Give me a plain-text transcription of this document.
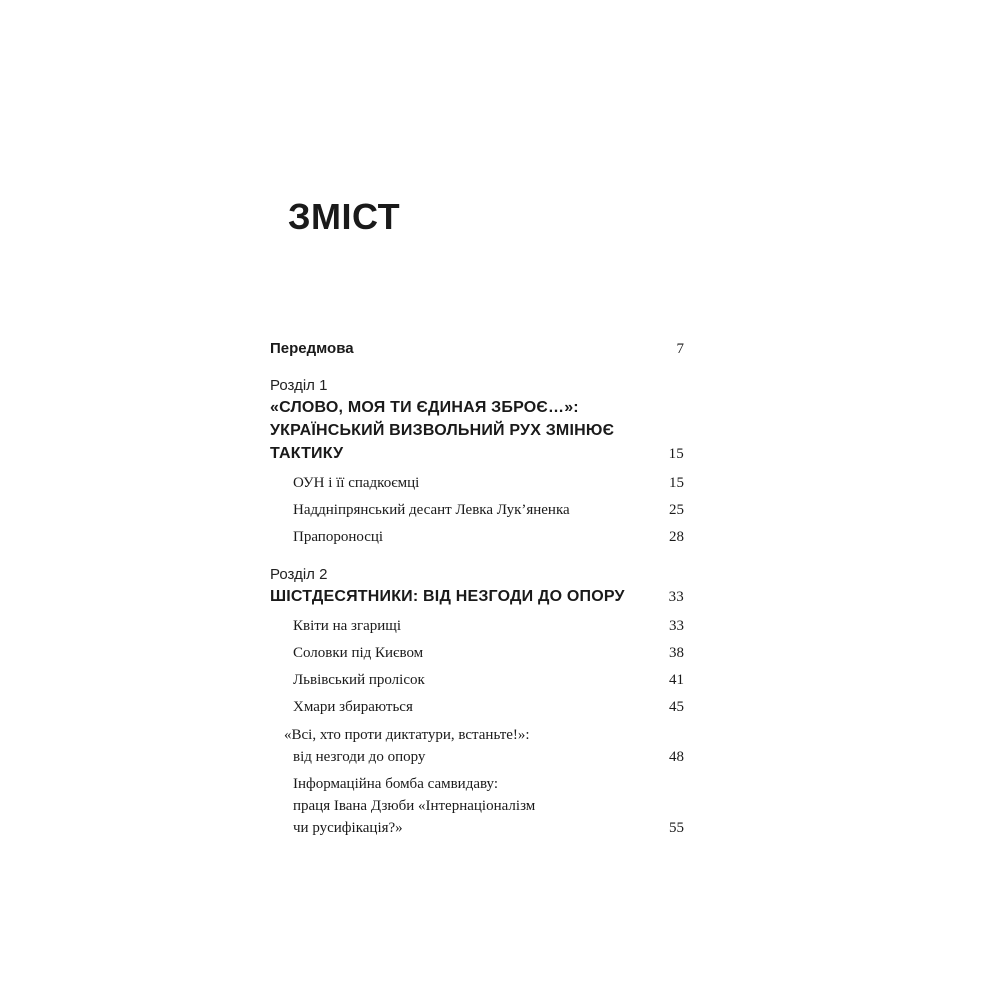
ЗМІСТ
Передмова	7
Розділ 1
«СЛОВО, МОЯ ТИ ЄДИНАЯ ЗБРОЄ…»:
УКРАЇНСЬКИЙ ВИЗВОЛЬНИЙ РУХ ЗМІНЮЄ
ТАКТИКУ	15
ОУН і її спадкоємці	15
Наддніпрянський десант Левка Лук’яненка	25
Прапороносці	28
Розділ 2
ШІСТДЕСЯТНИКИ: ВІД НЕЗГОДИ ДО ОПОРУ	33
Квіти на згарищі	33
Соловки під Києвом	38
Львівський пролісок	41
Хмари збираються	45
«Всі, хто проти диктатури, встаньте!»:
від незгоди до опору	48
Інформаційна бомба самвидаву:
праця Івана Дзюби «Інтернаціоналізм
чи русифікація?»	55
